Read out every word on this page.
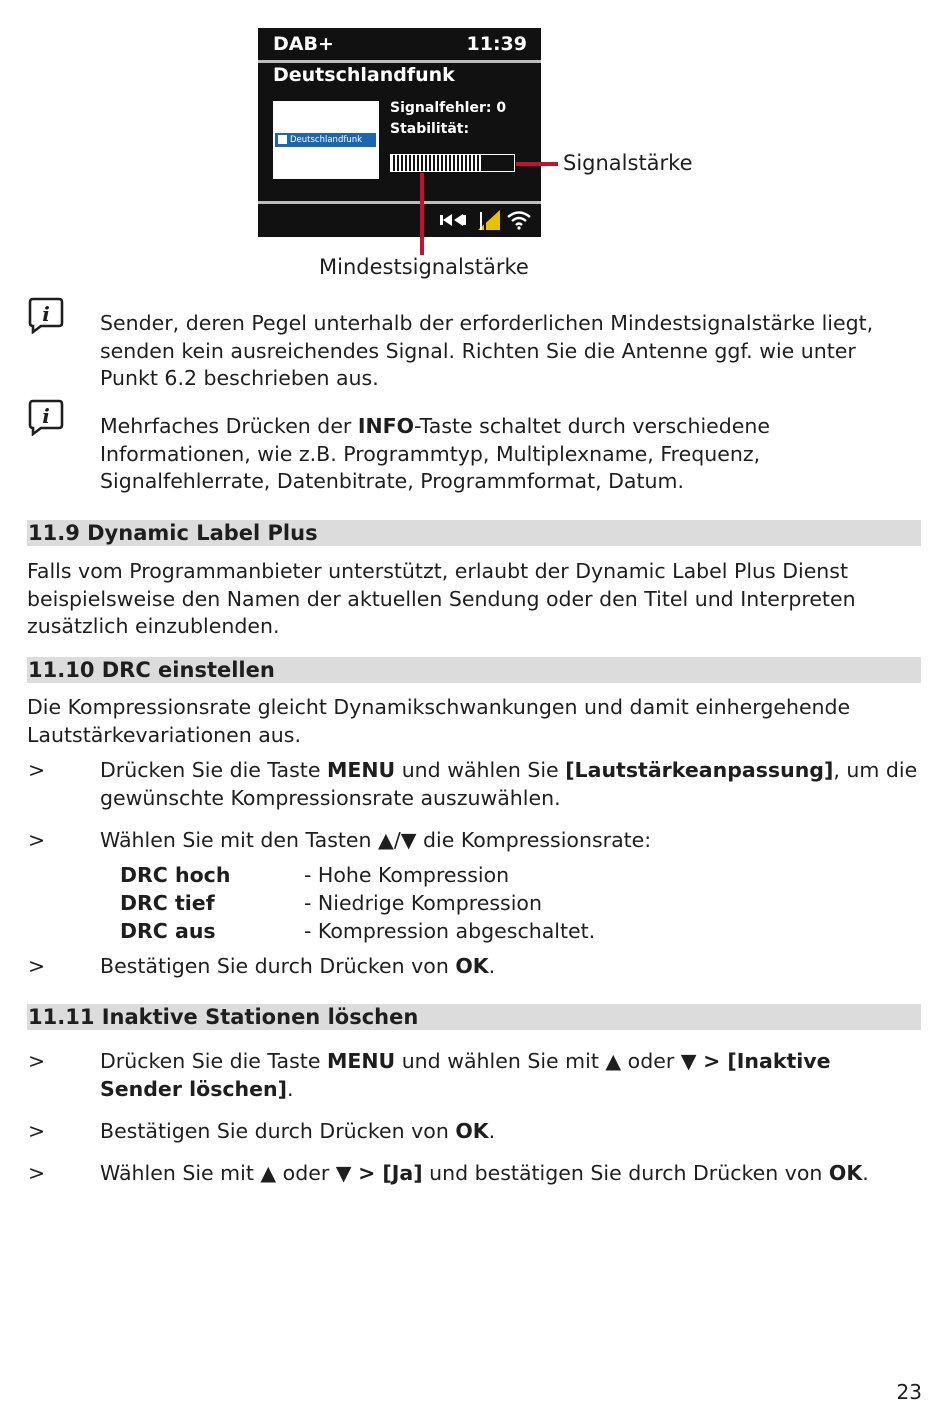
DAB+	11:39
Deutschlandfunk
Deutschlandfunk
Signalfehler: 0
Stabilität:
Signalstärke
Mindestsignalstärke
i Sender, deren Pegel unterhalb der erforderlichen Mindestsignalstärke liegt, senden kein ausreichendes Signal. Richten Sie die Antenne ggf. wie unter Punkt 6.2 beschrieben aus.
i Mehrfaches Drücken der INFO-Taste schaltet durch verschiedene Informationen, wie z.B. Programmtyp, Multiplexname, Frequenz, Signalfehlerrate, Datenbitrate, Programmformat, Datum.
11.9 Dynamic Label Plus
Falls vom Programmanbieter unterstützt, erlaubt der Dynamic Label Plus Dienst beispielsweise den Namen der aktuellen Sendung oder den Titel und Interpreten zusätzlich einzublenden.
11.10 DRC einstellen
Die Kompressionsrate gleicht Dynamikschwankungen und damit einhergehende Lautstärkevariationen aus.
>	Drücken Sie die Taste MENU und wählen Sie [Lautstärkeanpassung], um die gewünschte Kompressionsrate auszuwählen.
>	Wählen Sie mit den Tasten ▲/▼ die Kompressionsrate:
DRC hoch	- Hohe Kompression
DRC tief	- Niedrige Kompression
DRC aus	- Kompression abgeschaltet.
>	Bestätigen Sie durch Drücken von OK.
11.11 Inaktive Stationen löschen
>	Drücken Sie die Taste MENU und wählen Sie mit ▲ oder ▼ > [Inaktive Sender löschen].
>	Bestätigen Sie durch Drücken von OK.
>	Wählen Sie mit ▲ oder ▼ > [Ja] und bestätigen Sie durch Drücken von OK.
23
